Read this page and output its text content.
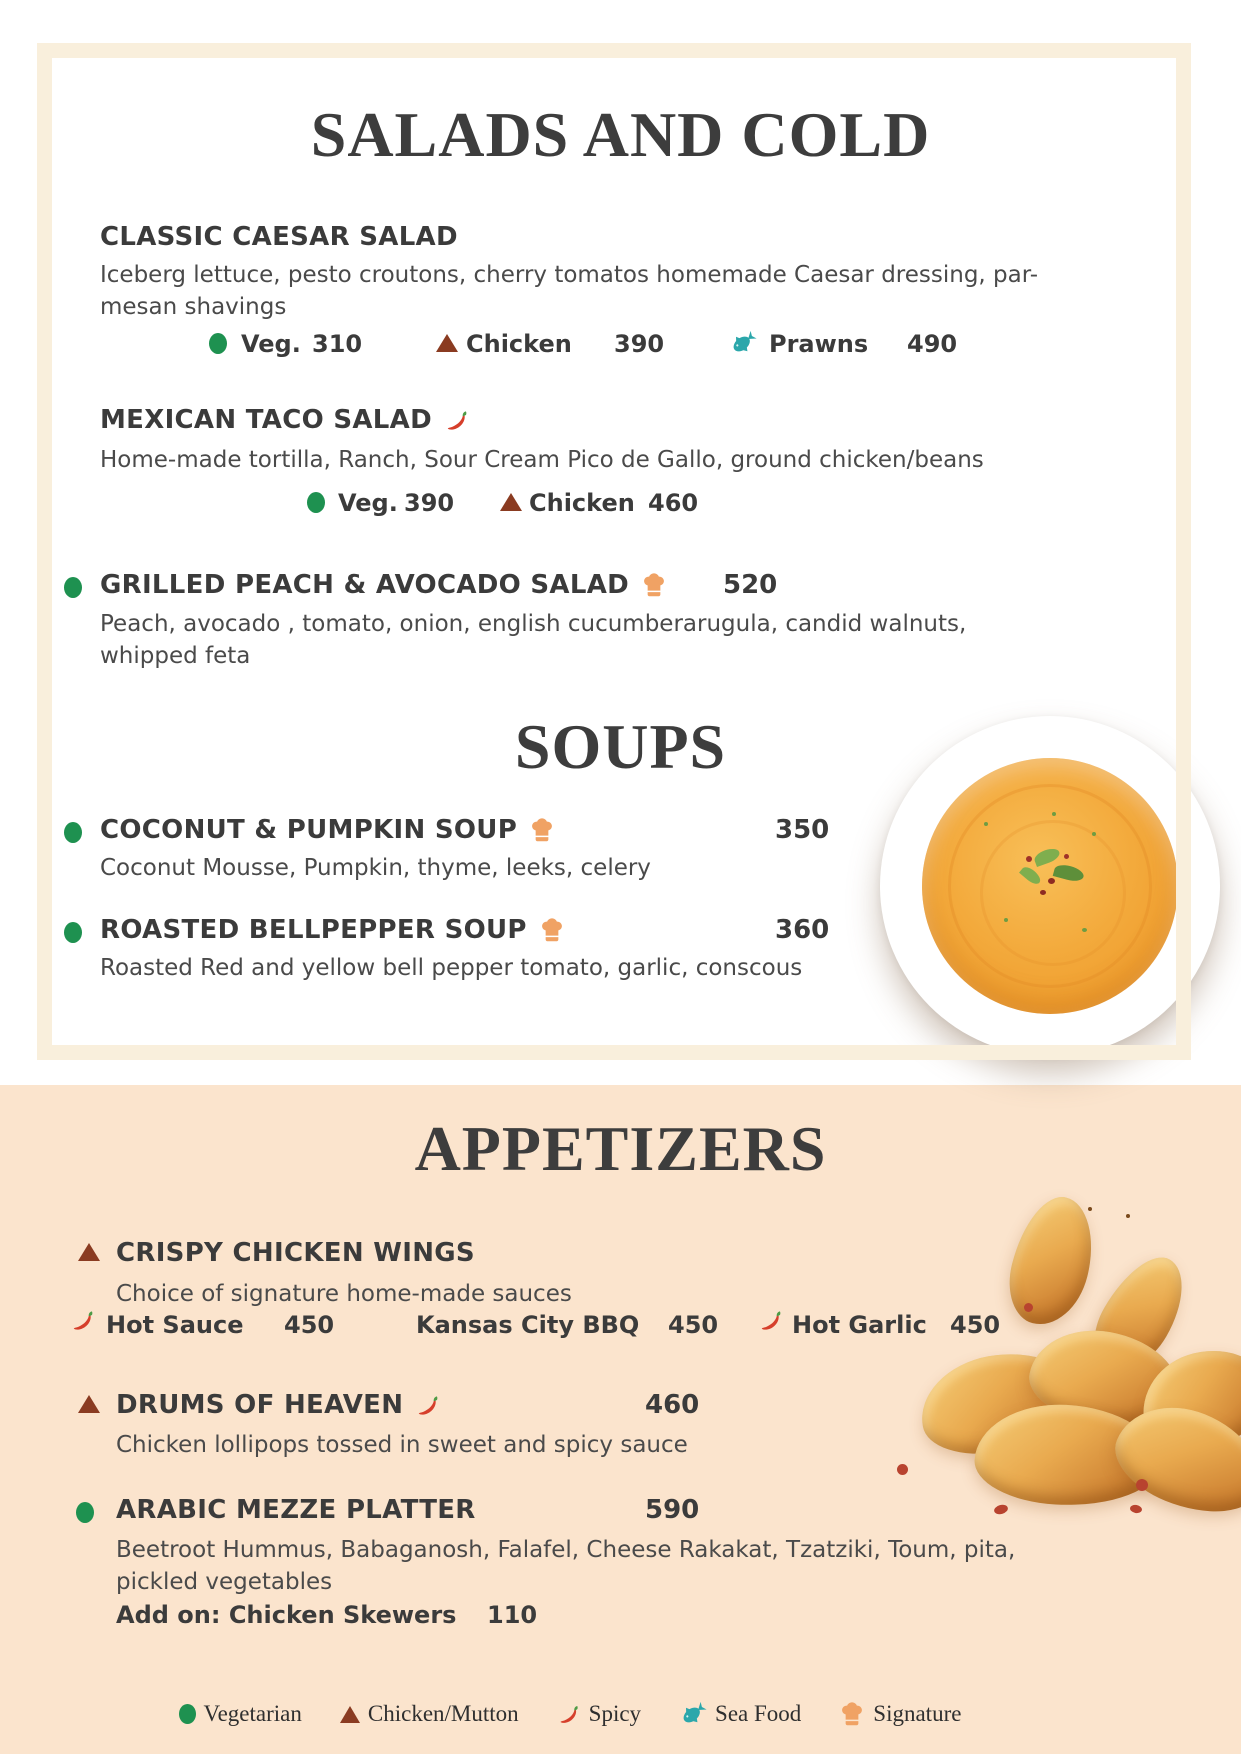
SALADS AND COLD
CLASSIC CAESAR SALAD
Iceberg lettuce, pesto croutons, cherry tomatos homemade Caesar dressing, par-
mesan shavings
Veg. 310	Chicken 390	Prawns 490
MEXICAN TACO SALAD
Home-made tortilla, Ranch, Sour Cream Pico de Gallo, ground chicken/beans
Veg. 390	Chicken 460
GRILLED PEACH & AVOCADO SALAD	520
Peach, avocado , tomato, onion, english cucumberarugula, candid walnuts,
whipped feta
SOUPS
COCONUT & PUMPKIN SOUP	350
Coconut Mousse, Pumpkin, thyme, leeks, celery
ROASTED BELLPEPPER SOUP	360
Roasted Red and yellow bell pepper tomato, garlic, conscous
APPETIZERS
CRISPY CHICKEN WINGS
Choice of signature home-made sauces
Hot Sauce 450	Kansas City BBQ 450	Hot Garlic 450
DRUMS OF HEAVEN	460
Chicken lollipops tossed in sweet and spicy sauce
ARABIC MEZZE PLATTER	590
Beetroot Hummus, Babaganosh, Falafel, Cheese Rakakat, Tzatziki, Toum, pita,
pickled vegetables
Add on: Chicken Skewers 110
Vegetarian	Chicken/Mutton	Spicy	Sea Food	Signature
